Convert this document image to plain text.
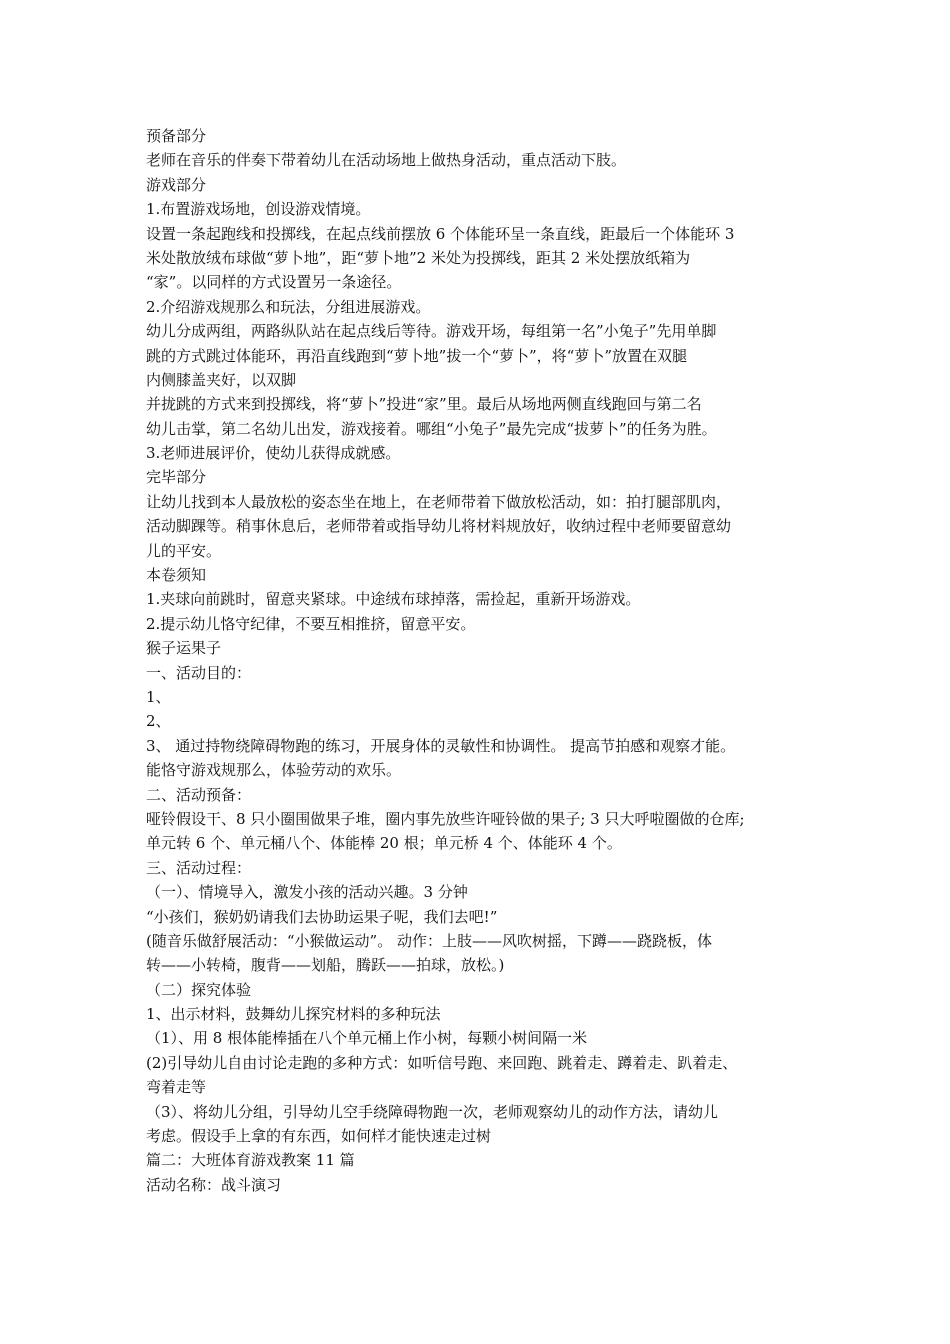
预备部分
老师在音乐的伴奏下带着幼儿在活动场地上做热身活动，重点活动下肢。
游戏部分
1.布置游戏场地，创设游戏情境。
设置一条起跑线和投掷线，在起点线前摆放 6 个体能环呈一条直线，距最后一个体能环 3
米处散放绒布球做“萝卜地”，距“萝卜地”2 米处为投掷线，距其 2 米处摆放纸箱为
“家”。以同样的方式设置另一条途径。
2.介绍游戏规那么和玩法，分组进展游戏。
幼儿分成两组，两路纵队站在起点线后等待。游戏开场，每组第一名”小兔子”先用单脚
跳的方式跳过体能环，再沿直线跑到“萝卜地”拔一个“萝卜”，将“萝卜”放置在双腿
内侧膝盖夹好，以双脚
并拢跳的方式来到投掷线，将“萝卜”投进“家”里。最后从场地两侧直线跑回与第二名
幼儿击掌，第二名幼儿出发，游戏接着。哪组“小兔子”最先完成“拔萝卜”的任务为胜。
3.老师进展评价，使幼儿获得成就感。
完毕部分
让幼儿找到本人最放松的姿态坐在地上，在老师带着下做放松活动，如：拍打腿部肌肉，
活动脚踝等。稍事休息后，老师带着或指导幼儿将材料规放好，收纳过程中老师要留意幼
儿的平安。
本卷须知
1.夹球向前跳时，留意夹紧球。中途绒布球掉落，需捡起，重新开场游戏。
2.提示幼儿恪守纪律，不要互相推挤，留意平安。
猴子运果子
一、活动目的：
1、
2、
3、 通过持物绕障碍物跑的练习，开展身体的灵敏性和协调性。 提高节拍感和观察才能。
能恪守游戏规那么，体验劳动的欢乐。
二、活动预备：
哑铃假设干、8 只小圈围做果子堆，圈内事先放些许哑铃做的果子; 3 只大呼啦圈做的仓库;
单元转 6 个、单元桶八个、体能棒 20 根；单元桥 4 个、体能环 4 个。
三、活动过程：
（一）、情境导入，激发小孩的活动兴趣。3 分钟
“小孩们，猴奶奶请我们去协助运果子呢，我们去吧!”
(随音乐做舒展活动：“小猴做运动”。 动作：上肢——风吹树摇，下蹲——跷跷板，体
转——小转椅，腹背——划船，腾跃——拍球，放松。)
（二）探究体验
1、出示材料，鼓舞幼儿探究材料的多种玩法
（1）、用 8 根体能棒插在八个单元桶上作小树，每颗小树间隔一米
(2)引导幼儿自由讨论走跑的多种方式：如听信号跑、来回跑、跳着走、蹲着走、趴着走、
弯着走等
（3）、将幼儿分组，引导幼儿空手绕障碍物跑一次，老师观察幼儿的动作方法，请幼儿
考虑。假设手上拿的有东西，如何样才能快速走过树
篇二：大班体育游戏教案 11 篇
活动名称：战斗演习
